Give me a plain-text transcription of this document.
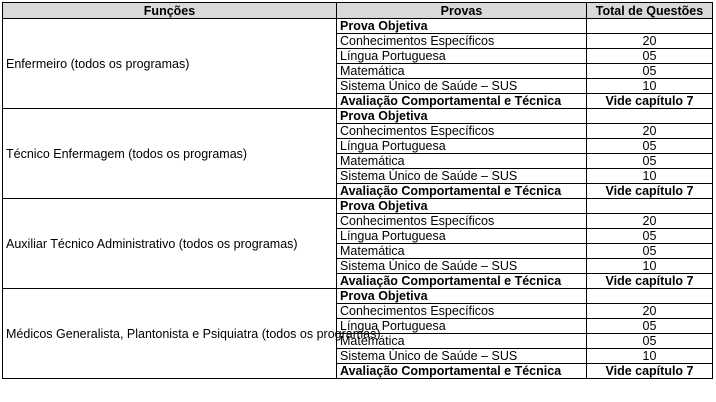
Funções	Provas	Total de Questões
Enfermeiro (todos os programas)	Prova Objetiva	
	Conhecimentos Específicos	20
	Língua Portuguesa	05
	Matemática	05
	Sistema Único de Saúde – SUS	10
	Avaliação Comportamental e Técnica	Vide capítulo 7
Técnico Enfermagem (todos os programas)	Prova Objetiva	
	Conhecimentos Específicos	20
	Língua Portuguesa	05
	Matemática	05
	Sistema Único de Saúde – SUS	10
	Avaliação Comportamental e Técnica	Vide capítulo 7
Auxiliar Técnico Administrativo (todos os programas)	Prova Objetiva	
	Conhecimentos Específicos	20
	Língua Portuguesa	05
	Matemática	05
	Sistema Único de Saúde – SUS	10
	Avaliação Comportamental e Técnica	Vide capítulo 7
Médicos Generalista, Plantonista e Psiquiatra (todos os programas)	Prova Objetiva	
	Conhecimentos Específicos	20
	Língua Portuguesa	05
	Matemática	05
	Sistema Único de Saúde – SUS	10
	Avaliação Comportamental e Técnica	Vide capítulo 7
